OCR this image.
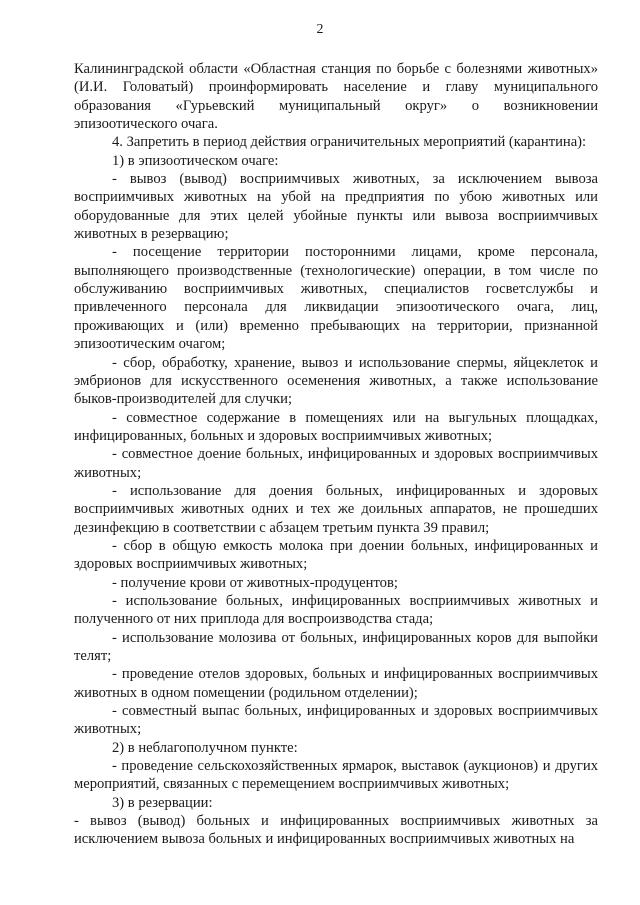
2

Калининградской области «Областная станция по борьбе с болезнями животных» (И.И. Головатый) проинформировать население и главу муниципального образования «Гурьевский муниципальный округ» о возникновении эпизоотического очага.

4. Запретить в период действия ограничительных мероприятий (карантина):

1) в эпизоотическом очаге:

- вывоз (вывод) восприимчивых животных, за исключением вывоза восприимчивых животных на убой на предприятия по убою животных или оборудованные для этих целей убойные пункты или вывоза восприимчивых животных в резервацию;

- посещение территории посторонними лицами, кроме персонала, выполняющего производственные (технологические) операции, в том числе по обслуживанию восприимчивых животных, специалистов госветслужбы и привлеченного персонала для ликвидации эпизоотического очага, лиц, проживающих и (или) временно пребывающих на территории, признанной эпизоотическим очагом;

- сбор, обработку, хранение, вывоз и использование спермы, яйцеклеток и эмбрионов для искусственного осеменения животных, а также использование быков-производителей для случки;

- совместное содержание в помещениях или на выгульных площадках, инфицированных, больных и здоровых восприимчивых животных;

- совместное доение больных, инфицированных и здоровых восприимчивых животных;

- использование для доения больных, инфицированных и здоровых восприимчивых животных одних и тех же доильных аппаратов, не прошедших дезинфекцию в соответствии с абзацем третьим пункта 39 правил;

- сбор в общую емкость молока при доении больных, инфицированных и здоровых восприимчивых животных;

- получение крови от животных-продуцентов;

- использование больных, инфицированных восприимчивых животных и полученного от них приплода для воспроизводства стада;

- использование молозива от больных, инфицированных коров для выпойки телят;

- проведение отелов здоровых, больных и инфицированных восприимчивых животных в одном помещении (родильном отделении);

- совместный выпас больных, инфицированных и здоровых восприимчивых животных;

2) в неблагополучном пункте:

- проведение сельскохозяйственных ярмарок, выставок (аукционов) и других мероприятий, связанных с перемещением восприимчивых животных;

3) в резервации:

- вывоз (вывод) больных и инфицированных восприимчивых животных за исключением вывоза больных и инфицированных восприимчивых животных на
